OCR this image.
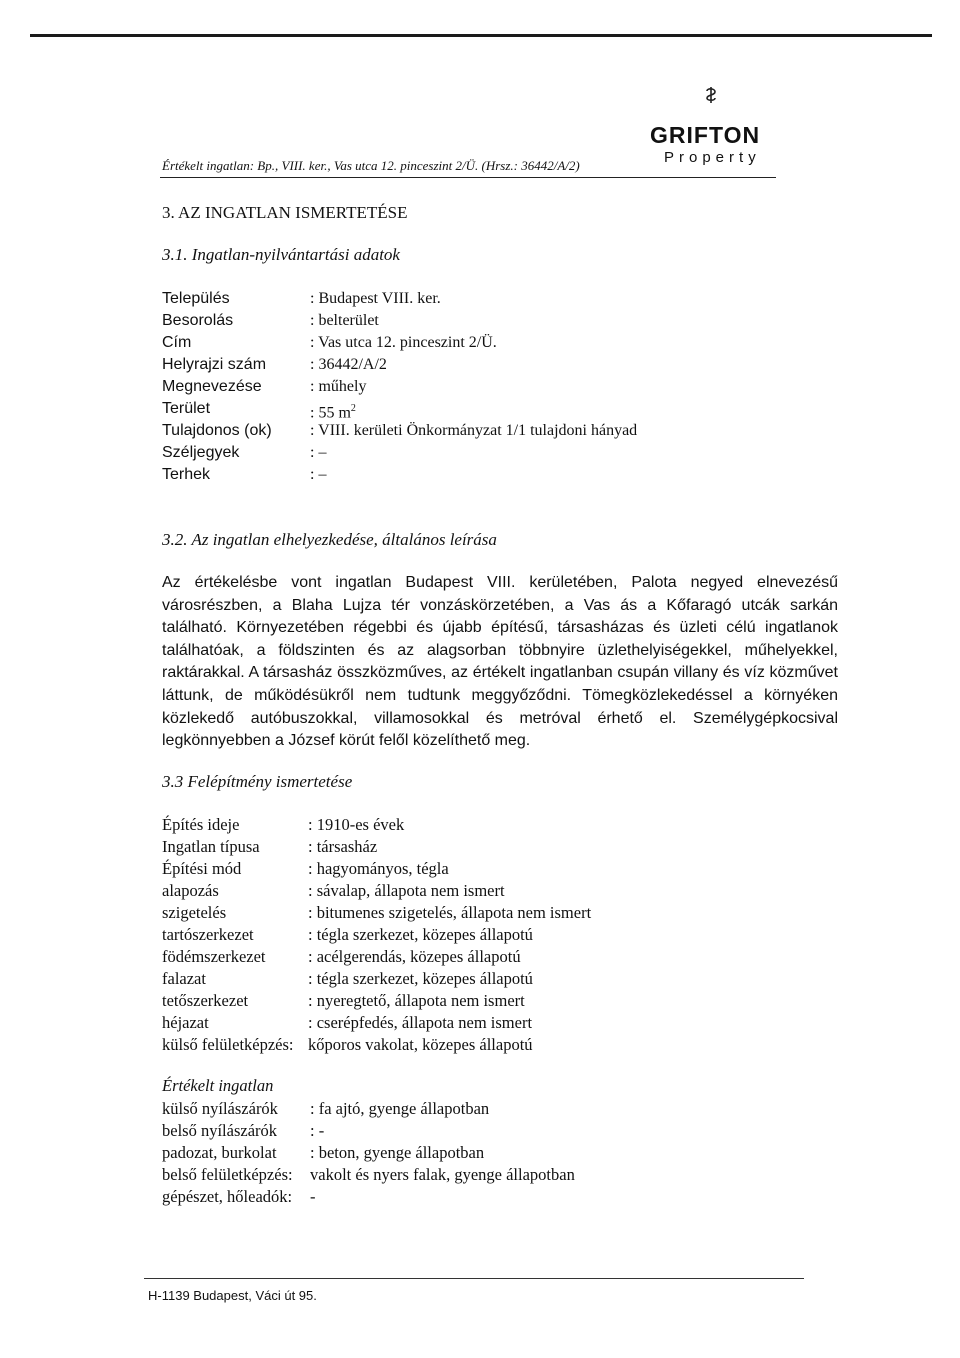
Értékelt ingatlan: Bp., VIII. ker., Vas utca 12. pinceszint 2/Ü. (Hrsz.: 36442/A/2)
GRIFTON
Property
3. AZ INGATLAN ISMERTETÉSE
3.1. Ingatlan-nyilvántartási adatok
Település	: Budapest VIII. ker.
Besorolás	: belterület
Cím	: Vas utca 12. pinceszint 2/Ü.
Helyrajzi szám	: 36442/A/2
Megnevezése	: műhely
Terület	: 55 $m^2$
Tulajdonos (ok) : VIII. kerületi Önkormányzat 1/1 tulajdoni hányad
Széljegyek	: –
Terhek	: –
3.2. Az ingatlan elhelyezkedése, általános leírása

Az értékelésbe vont ingatlan Budapest VIII. kerületében, Palota negyed elnevezésű városrészben, a Blaha Lujza tér vonzáskörzetében, a Vas ás a Kőfaragó utcák sarkán található. Környezetében régebbi és újabb építésű, társasházas és üzleti célú ingatlanok találhatóak, a földszinten és az alagsorban többnyire üzlethelyiségekkel, műhelyekkel, raktárakkal. A társasház összközműves, az értékelt ingatlanban csupán villany és víz közművet láttunk, de működésükről nem tudtunk meggyőződni. Tömegközlekedéssel a környéken közlekedő autóbuszokkal, villamosokkal és metróval érhető el. Személygépkocsival legkönnyebben a József körút felől közelíthető meg.

3.3 Felépítmény ismertetése
Építés ideje	: 1910-es évek
Ingatlan típusa	: társasház
Építési mód	: hagyományos, tégla
alapozás	: sávalap, állapota nem ismert
szigetelés	: bitumenes szigetelés, állapota nem ismert
tartószerkezet	: tégla szerkezet, közepes állapotú
födémszerkezet	: acélgerendás, közepes állapotú
falazat	: tégla szerkezet, közepes állapotú
tetőszerkezet	: nyeregtető, állapota nem ismert
héjazat	: cserépfedés, állapota nem ismert
külső felületképzés: kőporos vakolat, közepes állapotú
Értékelt ingatlan
külső nyílászárók : fa ajtó, gyenge állapotban
belső nyílászárók : -
padozat, burkolat : beton, gyenge állapotban
belső felületképzés: vakolt és nyers falak, gyenge állapotban
gépészet, hőleadók: -
H-1139 Budapest, Váci út 95.
